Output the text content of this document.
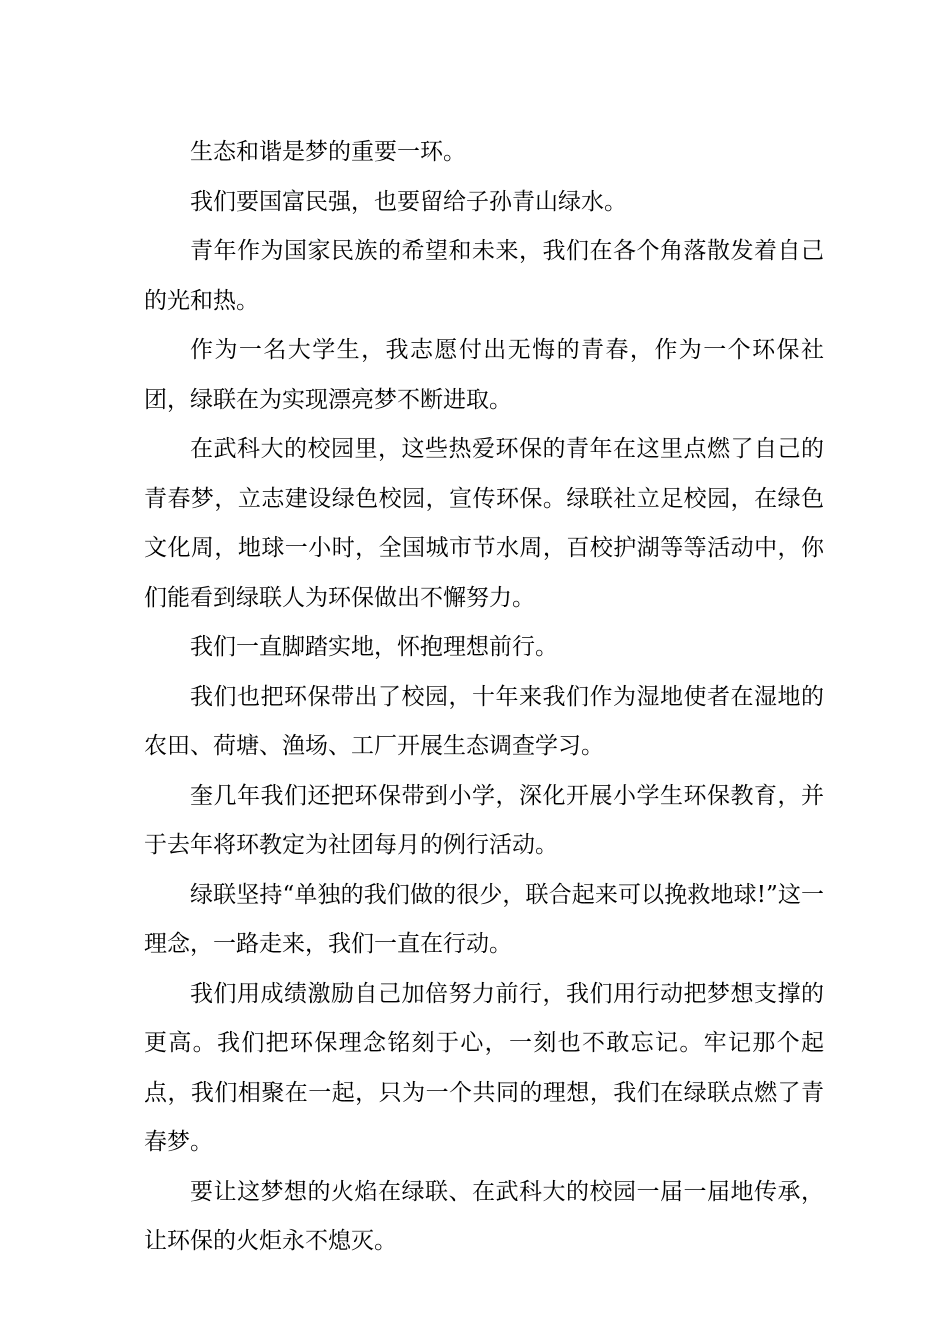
生态和谐是梦的重要一环。

我们要国富民强，也要留给子孙青山绿水。

青年作为国家民族的希望和未来，我们在各个角落散发着自己的光和热。

作为一名大学生，我志愿付出无悔的青春，作为一个环保社团，绿联在为实现漂亮梦不断进取。

在武科大的校园里，这些热爱环保的青年在这里点燃了自己的青春梦，立志建设绿色校园，宣传环保。绿联社立足校园，在绿色文化周，地球一小时，全国城市节水周，百校护湖等等活动中，你们能看到绿联人为环保做出不懈努力。

我们一直脚踏实地，怀抱理想前行。

我们也把环保带出了校园，十年来我们作为湿地使者在湿地的农田、荷塘、渔场、工厂开展生态调查学习。

奎几年我们还把环保带到小学，深化开展小学生环保教育，并于去年将环教定为社团每月的例行活动。

绿联坚持“单独的我们做的很少，联合起来可以挽救地球!”这一理念，一路走来，我们一直在行动。

我们用成绩激励自己加倍努力前行，我们用行动把梦想支撑的更高。我们把环保理念铭刻于心，一刻也不敢忘记。牢记那个起点，我们相聚在一起，只为一个共同的理想，我们在绿联点燃了青春梦。

要让这梦想的火焰在绿联、在武科大的校园一届一届地传承，让环保的火炬永不熄灭。
